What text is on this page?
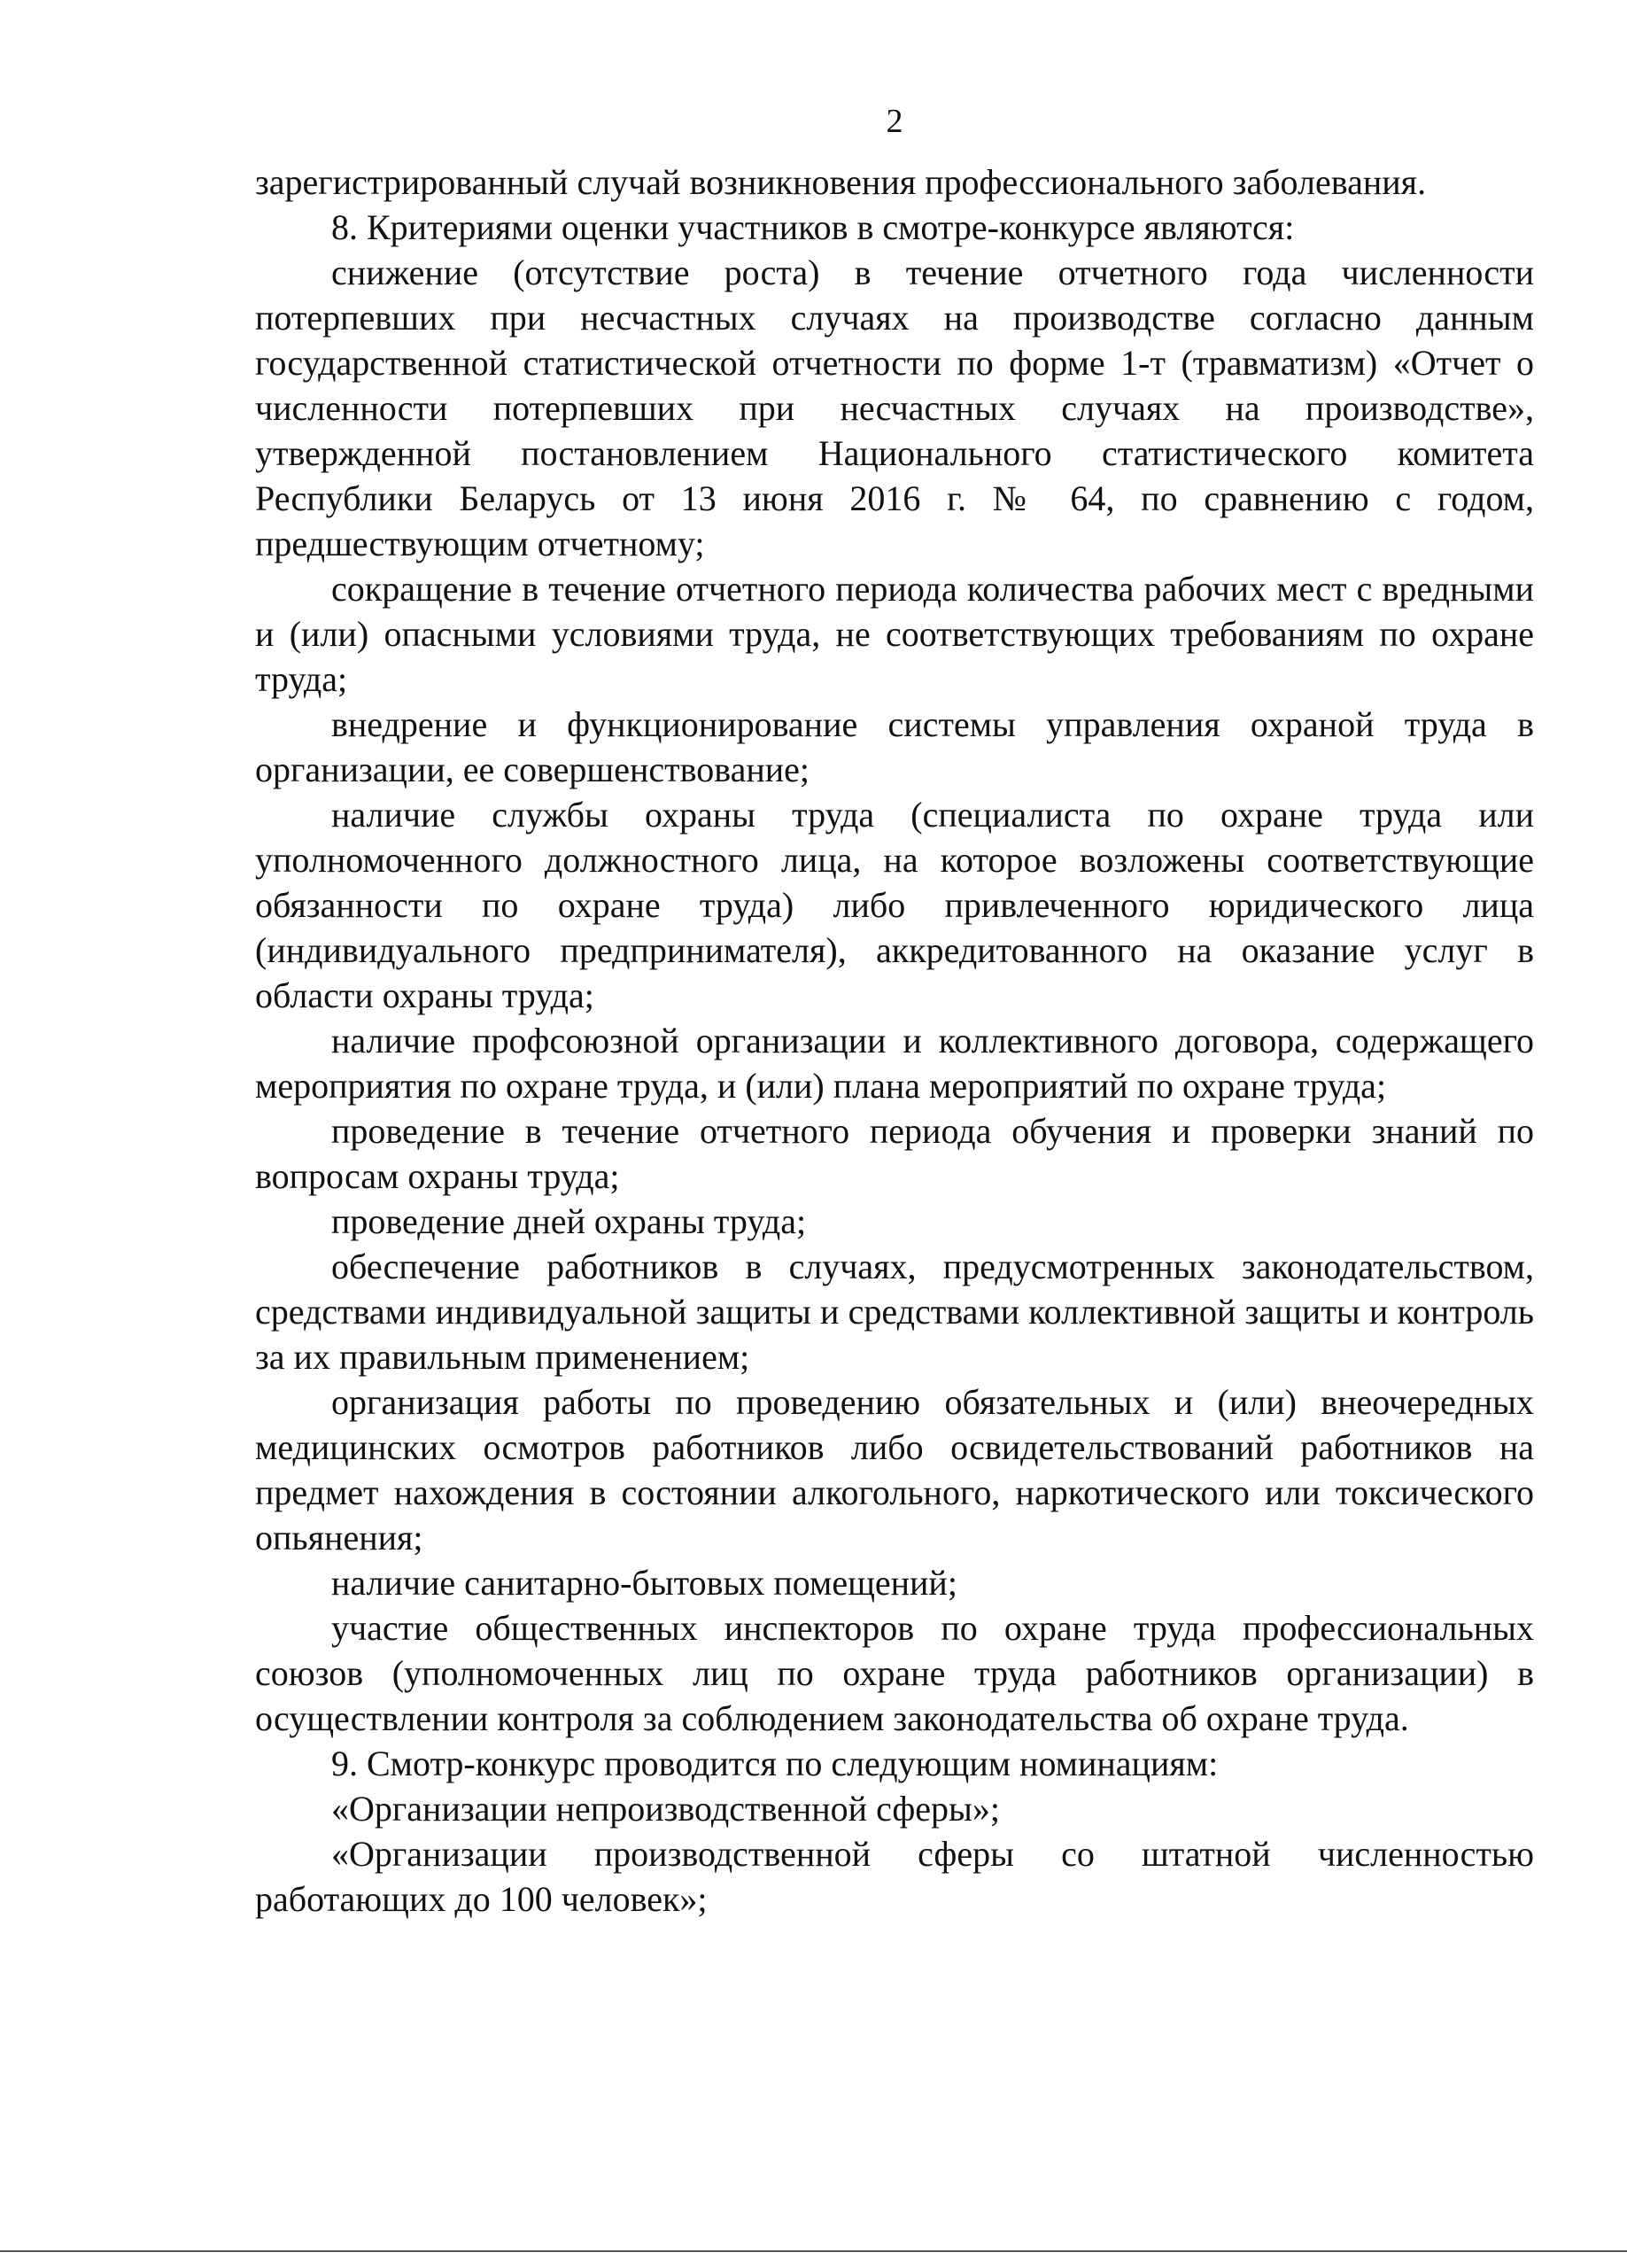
2

зарегистрированный случай возникновения профессионального заболевания.

8. Критериями оценки участников в смотре-конкурсе являются:

снижение (отсутствие роста) в течение отчетного года численности потерпевших при несчастных случаях на производстве согласно данным государственной статистической отчетности по форме 1-т (травматизм) «Отчет о численности потерпевших при несчастных случаях на производстве», утвержденной постановлением Национального статистического комитета Республики Беларусь от 13 июня 2016 г. № 64, по сравнению с годом, предшествующим отчетному;

сокращение в течение отчетного периода количества рабочих мест с вредными и (или) опасными условиями труда, не соответствующих требованиям по охране труда;

внедрение и функционирование системы управления охраной труда в организации, ее совершенствование;

наличие службы охраны труда (специалиста по охране труда или уполномоченного должностного лица, на которое возложены соответствующие обязанности по охране труда) либо привлеченного юридического лица (индивидуального предпринимателя), аккредитованного на оказание услуг в области охраны труда;

наличие профсоюзной организации и коллективного договора, содержащего мероприятия по охране труда, и (или) плана мероприятий по охране труда;

проведение в течение отчетного периода обучения и проверки знаний по вопросам охраны труда;

проведение дней охраны труда;

обеспечение работников в случаях, предусмотренных законодательством, средствами индивидуальной защиты и средствами коллективной защиты и контроль за их правильным применением;

организация работы по проведению обязательных и (или) внеочередных медицинских осмотров работников либо освидетельствований работников на предмет нахождения в состоянии алкогольного, наркотического или токсического опьянения;

наличие санитарно-бытовых помещений;

участие общественных инспекторов по охране труда профессиональных союзов (уполномоченных лиц по охране труда работников организации) в осуществлении контроля за соблюдением законодательства об охране труда.

9. Смотр-конкурс проводится по следующим номинациям:

«Организации непроизводственной сферы»;

«Организации производственной сферы со штатной численностью работающих до 100 человек»;
